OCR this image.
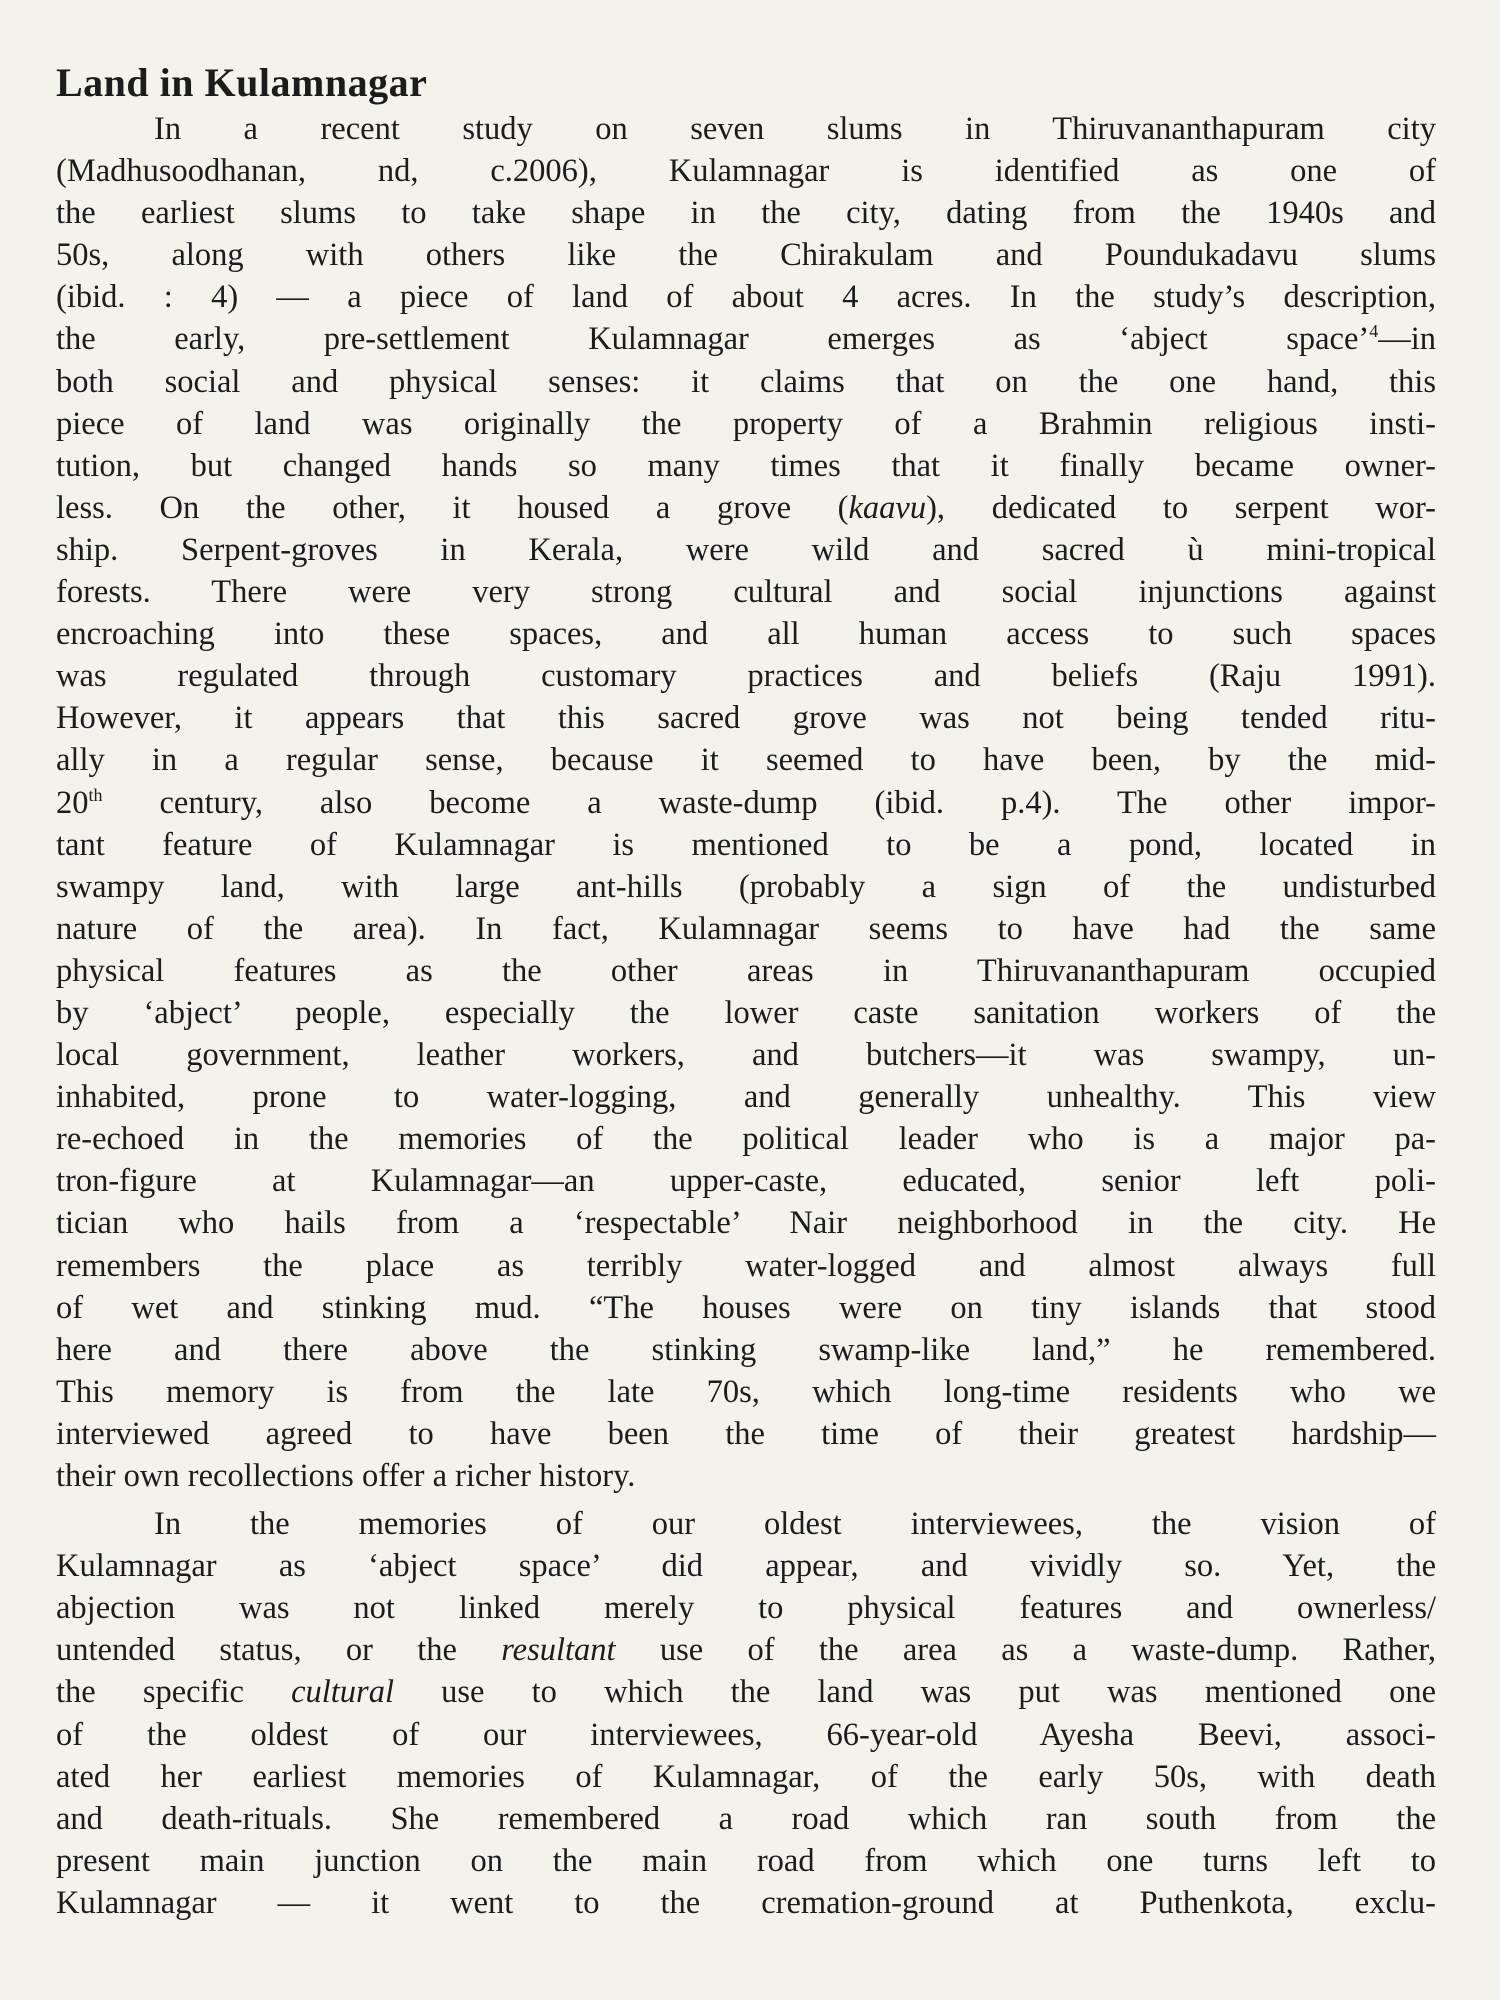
Land in Kulamnagar
In a recent study on seven slums in Thiruvananthapuram city
(Madhusoodhanan, nd, c.2006), Kulamnagar is identified as one of
the earliest slums to take shape in the city, dating from the 1940s and
50s, along with others like the Chirakulam and Poundukadavu slums
(ibid. : 4) — a piece of land of about 4 acres. In the study’s description,
the early, pre-settlement Kulamnagar emerges as ‘abject space’$^4$—in
both social and physical senses: it claims that on the one hand, this
piece of land was originally the property of a Brahmin religious insti-
tution, but changed hands so many times that it finally became owner-
less. On the other, it housed a grove (kaavu), dedicated to serpent wor-
ship. Serpent-groves in Kerala, were wild and sacred ù mini-tropical
forests. There were very strong cultural and social injunctions against
encroaching into these spaces, and all human access to such spaces
was regulated through customary practices and beliefs (Raju 1991).
However, it appears that this sacred grove was not being tended ritu-
ally in a regular sense, because it seemed to have been, by the mid-
20th century, also become a waste-dump (ibid. p.4). The other impor-
tant feature of Kulamnagar is mentioned to be a pond, located in
swampy land, with large ant-hills (probably a sign of the undisturbed
nature of the area). In fact, Kulamnagar seems to have had the same
physical features as the other areas in Thiruvananthapuram occupied
by ‘abject’ people, especially the lower caste sanitation workers of the
local government, leather workers, and butchers—it was swampy, un-
inhabited, prone to water-logging, and generally unhealthy. This view
re-echoed in the memories of the political leader who is a major pa-
tron-figure at Kulamnagar—an upper-caste, educated, senior left poli-
tician who hails from a ‘respectable’ Nair neighborhood in the city. He
remembers the place as terribly water-logged and almost always full
of wet and stinking mud. “The houses were on tiny islands that stood
here and there above the stinking swamp-like land,” he remembered.
This memory is from the late 70s, which long-time residents who we
interviewed agreed to have been the time of their greatest hardship—
their own recollections offer a richer history.
In the memories of our oldest interviewees, the vision of
Kulamnagar as ‘abject space’ did appear, and vividly so. Yet, the
abjection was not linked merely to physical features and ownerless/
untended status, or the resultant use of the area as a waste-dump. Rather,
the specific cultural use to which the land was put was mentioned one
of the oldest of our interviewees, 66-year-old Ayesha Beevi, associ-
ated her earliest memories of Kulamnagar, of the early 50s, with death
and death-rituals. She remembered a road which ran south from the
present main junction on the main road from which one turns left to
Kulamnagar — it went to the cremation-ground at Puthenkota, exclu-
